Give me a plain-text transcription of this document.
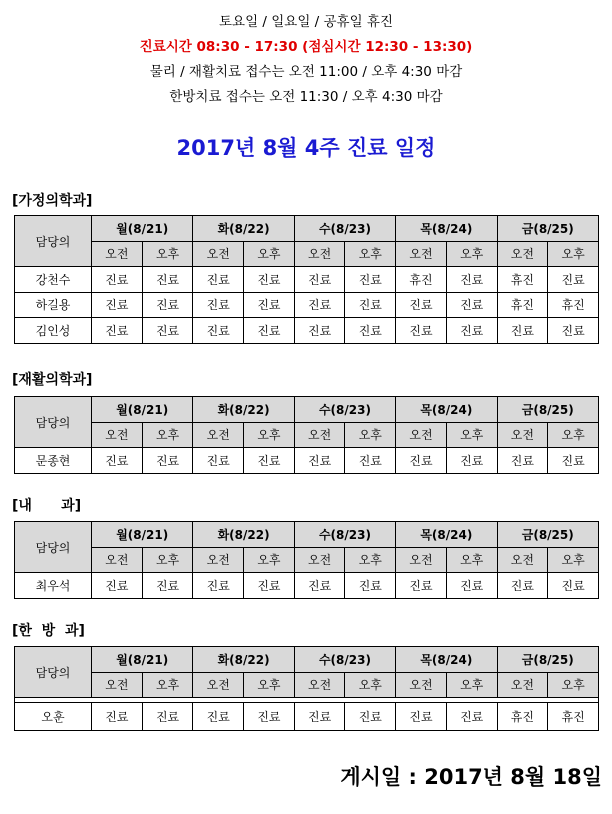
토요일 / 일요일 / 공휴일 휴진
진료시간 08:30 - 17:30 (점심시간 12:30 - 13:30)
물리 / 재활치료 접수는 오전 11:00 / 오후 4:30 마감
한방치료 접수는 오전 11:30 / 오후 4:30 마감
2017년 8월 4주 진료 일정
[가정의학과]
담당의	월(8/21)		화(8/22)		수(8/23)		목(8/24)		금(8/25)	
	오전	오후	오전	오후	오전	오후	오전	오후	오전	오후
강천수	진료	진료	진료	진료	진료	진료	휴진	진료	휴진	진료
하길용	진료	진료	진료	진료	진료	진료	진료	진료	휴진	휴진
김인성	진료	진료	진료	진료	진료	진료	진료	진료	진료	진료
[재활의학과]
담당의	월(8/21)		화(8/22)		수(8/23)		목(8/24)		금(8/25)	
	오전	오후	오전	오후	오전	오후	오전	오후	오전	오후
문종현	진료	진료	진료	진료	진료	진료	진료	진료	진료	진료
[내      과]
담당의	월(8/21)		화(8/22)		수(8/23)		목(8/24)		금(8/25)	
	오전	오후	오전	오후	오전	오후	오전	오후	오전	오후
최우석	진료	진료	진료	진료	진료	진료	진료	진료	진료	진료
[한  방  과]
담당의	월(8/21)		화(8/22)		수(8/23)		목(8/24)		금(8/25)	
	오전	오후	오전	오후	오전	오후	오전	오후	오전	오후

오훈	진료	진료	진료	진료	진료	진료	진료	진료	휴진	휴진
게시일 : 2017년 8월 18일
